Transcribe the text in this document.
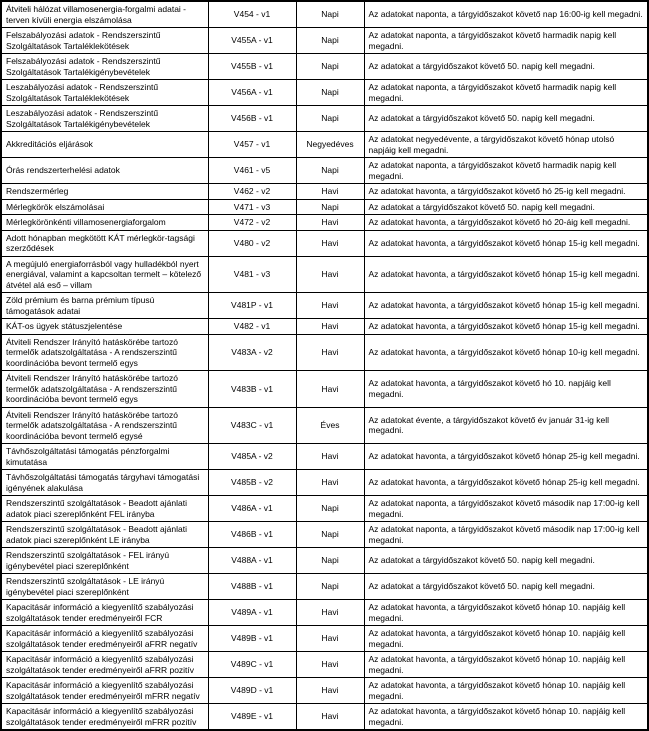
Átviteli hálózat villamosenergia-forgalmi adatai - terven kívüli energia elszámolása	V454 - v1	Napi	Az adatokat naponta, a tárgyidőszakot követő nap 16:00-ig kell megadni.
Felszabályozási adatok - Rendszerszintű Szolgáltatások Tartaléklekötések	V455A - v1	Napi	Az adatokat naponta, a tárgyidőszakot követő harmadik napig kell megadni.
Felszabályozási adatok - Rendszerszintű Szolgáltatások Tartalékigénybevételek	V455B - v1	Napi	Az adatokat a tárgyidőszakot követő 50. napig kell megadni.
Leszabályozási adatok - Rendszerszintű Szolgáltatások Tartaléklekötések	V456A - v1	Napi	Az adatokat naponta, a tárgyidőszakot követő harmadik napig kell megadni.
Leszabályozási adatok - Rendszerszintű Szolgáltatások Tartalékigénybevételek	V456B - v1	Napi	Az adatokat a tárgyidőszakot követő 50. napig kell megadni.
Akkreditációs eljárások	V457 - v1	Negyedéves	Az adatokat negyedévente, a tárgyidőszakot követő hónap utolsó napjáig kell megadni.
Órás rendszerterhelési adatok	V461 - v5	Napi	Az adatokat naponta, a tárgyidőszakot követő harmadik napig kell megadni.
Rendszermérleg	V462 - v2	Havi	Az adatokat havonta, a tárgyidőszakot követő hó 25-ig kell megadni.
Mérlegkörök elszámolásai	V471 - v3	Napi	Az adatokat a tárgyidőszakot követő 50. napig kell megadni.
Mérlegkörönkénti villamosenergiaforgalom	V472 - v2	Havi	Az adatokat havonta, a tárgyidőszakot követő hó 20-áig kell megadni.
Adott hónapban megkötött KÁT mérlegkör-tagsági szerződések	V480 - v2	Havi	Az adatokat havonta, a tárgyidőszakot követő hónap 15-ig kell megadni.
A megújuló energiaforrásból vagy hulladékból nyert energiával, valamint a kapcsoltan termelt – kötelező átvétel alá eső – villam	V481 - v3	Havi	Az adatokat havonta, a tárgyidőszakot követő hónap 15-ig kell megadni.
Zöld prémium és barna prémium típusú támogatások adatai	V481P - v1	Havi	Az adatokat havonta, a tárgyidőszakot követő hónap 15-ig kell megadni.
KÁT-os ügyek státuszjelentése	V482 - v1	Havi	Az adatokat havonta, a tárgyidőszakot követő hónap 15-ig kell megadni.
Átviteli Rendszer Irányító hatáskörébe tartozó termelők adatszolgáltatása - A rendszerszintű koordinációba bevont termelő egys	V483A - v2	Havi	Az adatokat havonta, a tárgyidőszakot követő hónap 10-ig kell megadni.
Átviteli Rendszer Irányító hatáskörébe tartozó termelők adatszolgáltatása - A rendszerszintű koordinációba bevont termelő egys	V483B - v1	Havi	Az adatokat havonta, a tárgyidőszakot követő hó 10. napjáig kell megadni.
Átviteli Rendszer Irányító hatáskörébe tartozó termelők adatszolgáltatása - A rendszerszintű koordinációba bevont termelő egysé	V483C - v1	Éves	Az adatokat évente, a tárgyidőszakot követő év január 31-ig kell megadni.
Távhőszolgáltatási támogatás pénzforgalmi kimutatása	V485A - v2	Havi	Az adatokat havonta, a tárgyidőszakot követő hónap 25-ig kell megadni.
Távhőszolgáltatási támogatás tárgyhavi támogatási igényének alakulása	V485B - v2	Havi	Az adatokat havonta, a tárgyidőszakot követő hónap 25-ig kell megadni.
Rendszerszintű szolgáltatások - Beadott ajánlati adatok piaci szereplőnként FEL irányba	V486A - v1	Napi	Az adatokat naponta, a tárgyidőszakot követő második nap 17:00-ig kell megadni.
Rendszerszintű szolgáltatások - Beadott ajánlati adatok piaci szereplőnként LE irányba	V486B - v1	Napi	Az adatokat naponta, a tárgyidőszakot követő második nap 17:00-ig kell megadni.
Rendszerszintű szolgáltatások - FEL irányú igénybevétel piaci szereplőnként	V488A - v1	Napi	Az adatokat a tárgyidőszakot követő 50. napig kell megadni.
Rendszerszintű szolgáltatások - LE irányú igénybevétel piaci szereplőnként	V488B - v1	Napi	Az adatokat a tárgyidőszakot követő 50. napig kell megadni.
Kapacitásár információ a kiegyenlítő szabályozási szolgáltatások tender eredményeiről FCR	V489A - v1	Havi	Az adatokat havonta, a tárgyidőszakot követő hónap 10. napjáig kell megadni.
Kapacitásár információ a kiegyenlítő szabályozási szolgáltatások tender eredményeiről aFRR negatív	V489B - v1	Havi	Az adatokat havonta, a tárgyidőszakot követő hónap 10. napjáig kell megadni.
Kapacitásár információ a kiegyenlítő szabályozási szolgáltatások tender eredményeiről aFRR pozitív	V489C - v1	Havi	Az adatokat havonta, a tárgyidőszakot követő hónap 10. napjáig kell megadni.
Kapacitásár információ a kiegyenlítő szabályozási szolgáltatások tender eredményeiről mFRR negatív	V489D - v1	Havi	Az adatokat havonta, a tárgyidőszakot követő hónap 10. napjáig kell megadni.
Kapacitásár információ a kiegyenlítő szabályozási szolgáltatások tender eredményeiről mFRR pozitív	V489E - v1	Havi	Az adatokat havonta, a tárgyidőszakot követő hónap 10. napjáig kell megadni.
